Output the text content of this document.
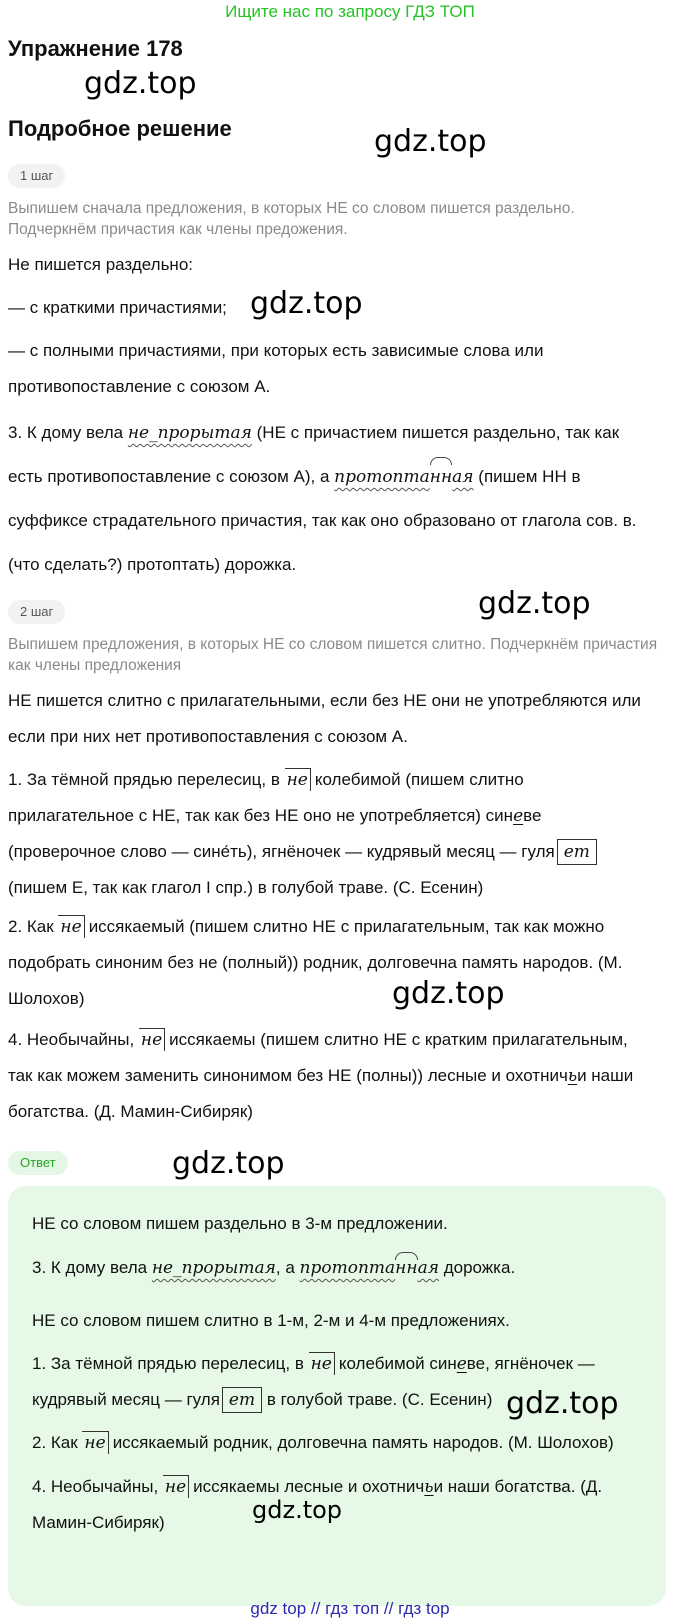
Ищите нас по запросу ГДЗ ТОП
Упражнение 178
gdz.top
Подробное решение	gdz.top
1 шаг
Выпишем сначала предложения, в которых НЕ со словом пишется раздельно.
Подчеркнём причастия как члены предожения.
Не пишется раздельно:
— с краткими причастиями; gdz.top
— с полными причастиями, при которых есть зависимые слова или
противопоставление с союзом А.
3. К дому вела не_прорытая (НЕ с причастием пишется раздельно, так как
есть противопоставление с союзом А), а протоптанная (пишем НН в
суффиксе страдательного причастия, так как оно образовано от глагола сов. в.
(что сделать?) протоптать) дорожка.
2 шаг	gdz.top
Выпишем предложения, в которых НЕ со словом пишется слитно. Подчеркнём причастия
как члены предложения
НЕ пишется слитно с прилагательными, если без НЕ они не употребляются или
если при них нет противопоставления с союзом А.
1. За тёмной прядью перелесиц, в не колебимой (пишем слитно
прилагательное с НЕ, так как без НЕ оно не употребляется) синеве
(проверочное слово — сине́ть), ягнёночек — кудрявый месяц — гуля ет
(пишем Е, так как глагол I спр.) в голубой траве. (С. Есенин)
2. Как не иссякаемый (пишем слитно НЕ с прилагательным, так как можно
подобрать синоним без не (полный)) родник, долговечна память народов. (М.
Шолохов)	gdz.top
4. Необычайны, не иссякаемы (пишем слитно НЕ с кратким прилагательным,
так как можем заменить синонимом без НЕ (полны)) лесные и охотничьи наши
богатства. (Д. Мамин-Сибиряк)
Ответ	gdz.top
НЕ со словом пишем раздельно в 3-м предложении.
3. К дому вела не_прорытая, а протоптанная дорожка.
НЕ со словом пишем слитно в 1-м, 2-м и 4-м предложениях.
1. За тёмной прядью перелесиц, в не колебимой синеве, ягнёночек —
кудрявый месяц — гуля ет в голубой траве. (С. Есенин) gdz.top
2. Как не иссякаемый родник, долговечна память народов. (М. Шолохов)
4. Необычайны, не иссякаемы лесные и охотничьи наши богатства. (Д.
Мамин-Сибиряк)	gdz.top
gdz top // гдз топ // гдз top
